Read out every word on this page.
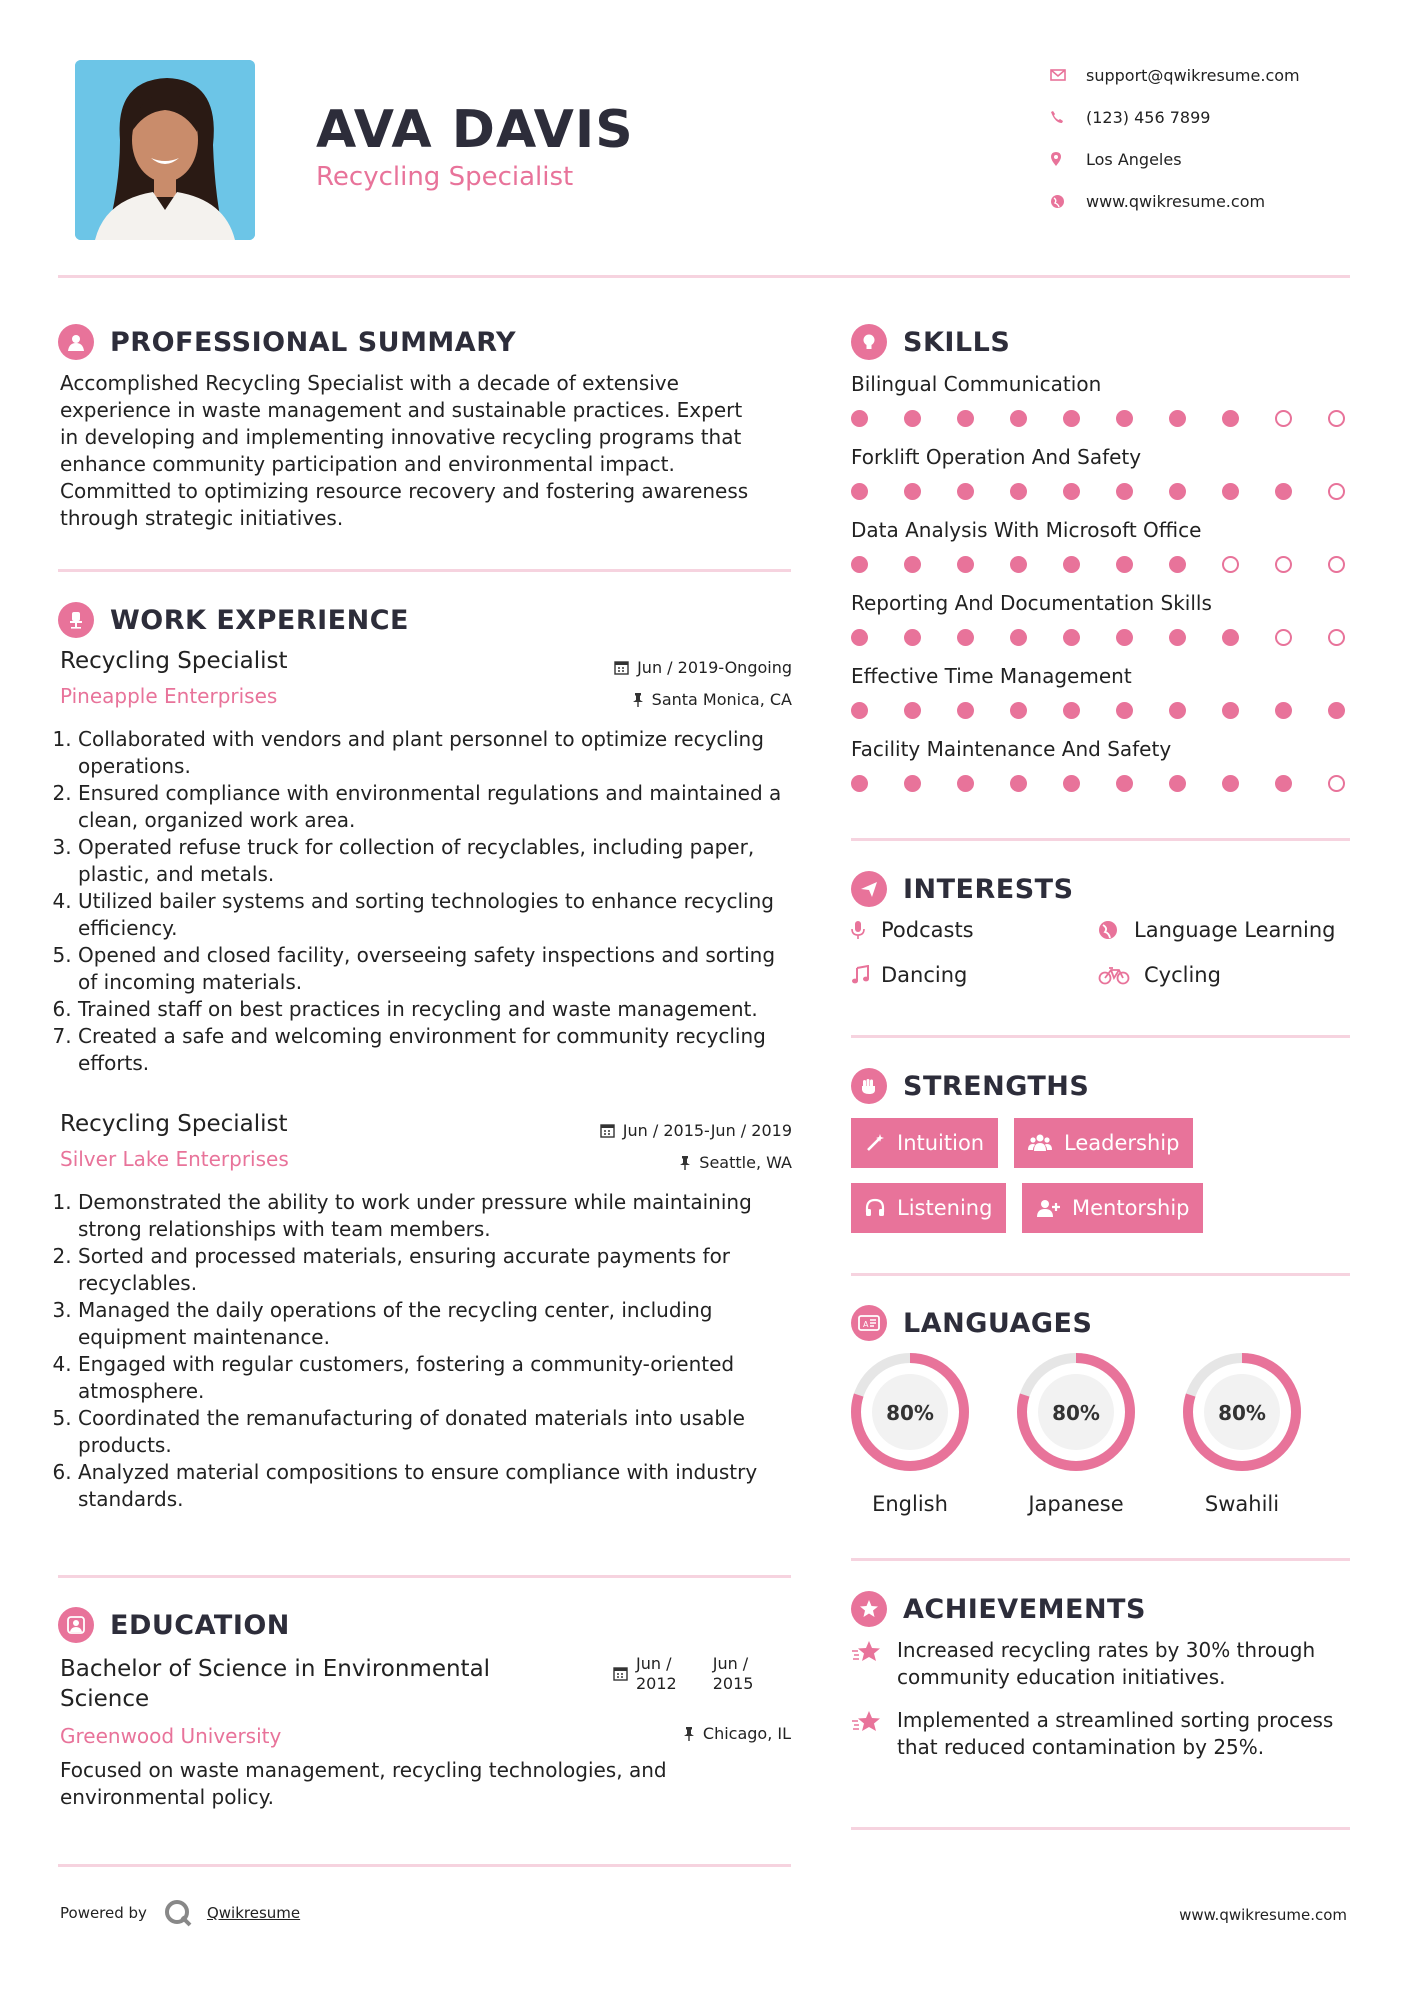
AVA DAVIS
Recycling Specialist
support@qwikresume.com
(123) 456 7899
Los Angeles
www.qwikresume.com
PROFESSIONAL SUMMARY
Accomplished Recycling Specialist with a decade of extensive
experience in waste management and sustainable practices. Expert
in developing and implementing innovative recycling programs that
enhance community participation and environmental impact.
Committed to optimizing resource recovery and fostering awareness
through strategic initiatives.
WORK EXPERIENCE
Recycling Specialist
Pineapple Enterprises
Jun / 2019-Ongoing
Santa Monica, CA
1. Collaborated with vendors and plant personnel to optimize recycling operations.
2. Ensured compliance with environmental regulations and maintained a clean, organized work area.
3. Operated refuse truck for collection of recyclables, including paper, plastic, and metals.
4. Utilized bailer systems and sorting technologies to enhance recycling efficiency.
5. Opened and closed facility, overseeing safety inspections and sorting of incoming materials.
6. Trained staff on best practices in recycling and waste management.
7. Created a safe and welcoming environment for community recycling efforts.
Recycling Specialist
Silver Lake Enterprises
Jun / 2015-Jun / 2019
Seattle, WA
1. Demonstrated the ability to work under pressure while maintaining strong relationships with team members.
2. Sorted and processed materials, ensuring accurate payments for recyclables.
3. Managed the daily operations of the recycling center, including equipment maintenance.
4. Engaged with regular customers, fostering a community-oriented atmosphere.
5. Coordinated the remanufacturing of donated materials into usable products.
6. Analyzed material compositions to ensure compliance with industry standards.
EDUCATION
Bachelor of Science in Environmental
Science
Jun /
2012
Jun /
2015
Greenwood University	Chicago, IL
Focused on waste management, recycling technologies, and environmental policy.
SKILLS
Bilingual Communication
Forklift Operation And Safety
Data Analysis With Microsoft Office
Reporting And Documentation Skills
Effective Time Management
Facility Maintenance And Safety
INTERESTS
Podcasts	Language Learning
Dancing	Cycling
STRENGTHS
Intuition	Leadership
Listening	Mentorship
A LANGUAGES
80%
English
80%
Japanese
80%
Swahili
ACHIEVEMENTS
Increased recycling rates by 30% through community education initiatives.
Implemented a streamlined sorting process that reduced contamination by 25%.
Powered by	Qwikresume	www.qwikresume.com
